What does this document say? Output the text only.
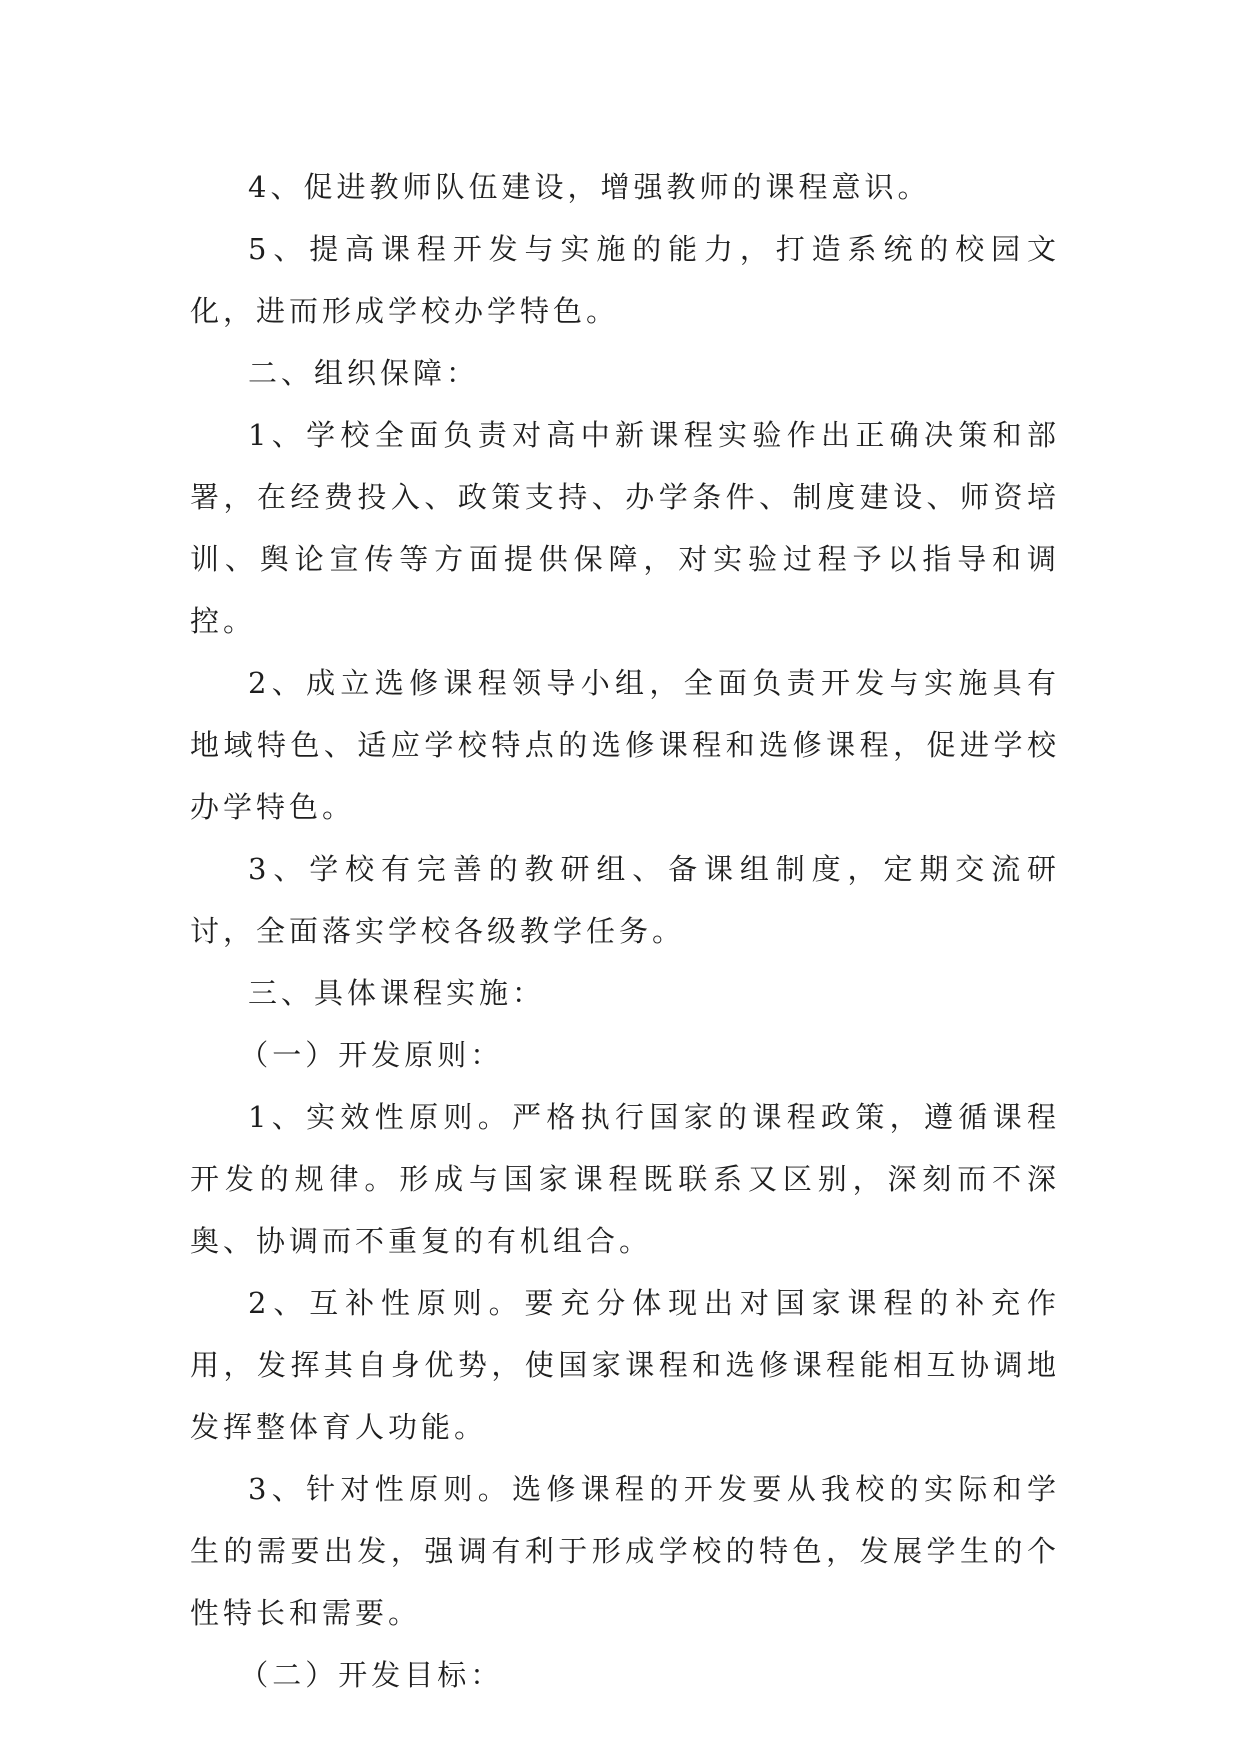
4、促进教师队伍建设，增强教师的课程意识。

5、提高课程开发与实施的能力，打造系统的校园文化，进而形成学校办学特色。

二、组织保障：

1、学校全面负责对高中新课程实验作出正确决策和部署，在经费投入、政策支持、办学条件、制度建设、师资培训、舆论宣传等方面提供保障，对实验过程予以指导和调控。

2、成立选修课程领导小组，全面负责开发与实施具有地域特色、适应学校特点的选修课程和选修课程，促进学校办学特色。

3、学校有完善的教研组、备课组制度，定期交流研讨，全面落实学校各级教学任务。

三、具体课程实施：

（一）开发原则：

1、实效性原则。严格执行国家的课程政策，遵循课程开发的规律。形成与国家课程既联系又区别，深刻而不深奥、协调而不重复的有机组合。

2、互补性原则。要充分体现出对国家课程的补充作用，发挥其自身优势，使国家课程和选修课程能相互协调地发挥整体育人功能。

3、针对性原则。选修课程的开发要从我校的实际和学生的需要出发，强调有利于形成学校的特色，发展学生的个性特长和需要。

（二）开发目标：
